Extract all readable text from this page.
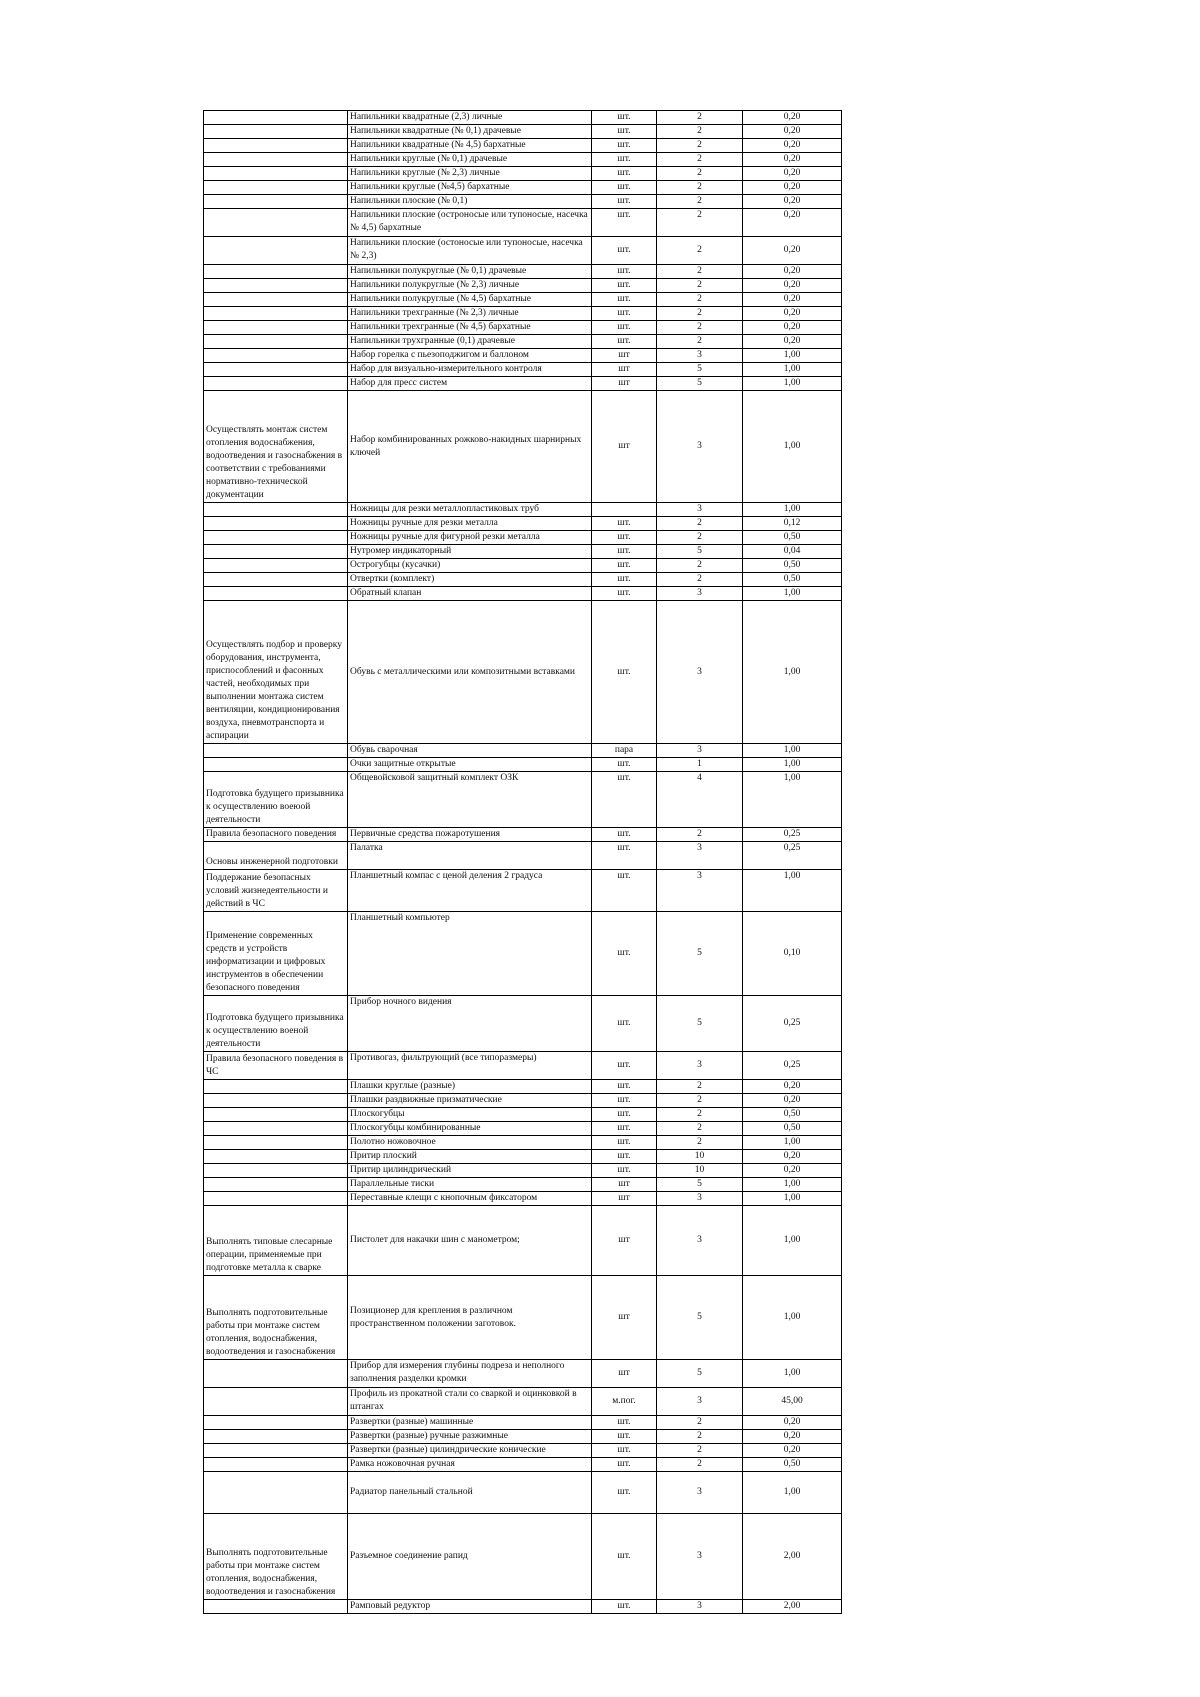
	Напильники квадратные (2,3) личные	шт.	2	0,20
	Напильники квадратные (№ 0,1) драчевые	шт.	2	0,20
	Напильники квадратные (№ 4,5) бархатные	шт.	2	0,20
	Напильники круглые (№ 0,1) драчевые	шт.	2	0,20
	Напильники круглые (№ 2,3) личные	шт.	2	0,20
	Напильники круглые (№4,5) бархатные	шт.	2	0,20
	Напильники плоские (№ 0,1)	шт.	2	0,20
	Напильники плоские (остроносые или тупоносые, насечка № 4,5) бархатные	шт.	2	0,20
	Напильники плоские (остоносые или тупоносые, насечка № 2,3)	шт.	2	0,20
	Напильники полукруглые (№ 0,1) драчевые	шт.	2	0,20
	Напильники полукруглые (№ 2,3) личные	шт.	2	0,20
	Напильники полукруглые (№ 4,5) бархатные	шт.	2	0,20
	Напильники трехгранные (№ 2,3) личные	шт.	2	0,20
	Напильники трехгранные (№ 4,5) бархатные	шт.	2	0,20
	Напильники трухгранные (0,1) драчевые	шт.	2	0,20
	Набор горелка с пьезоподжигом и баллоном	шт	3	1,00
	Набор для визуально-измерительного контроля	шт	5	1,00
	Набор для пресс систем	шт	5	1,00
Осуществлять монтаж систем отопления водоснабжения, водоотведения и газоснабжения в соответствии с требованиями нормативно-технической документации	Набор комбинированных рожково-накидных шарнирных ключей	шт	3	1,00
	Ножницы для резки металлопластиковых труб		3	1,00
	Ножницы ручные для резки металла	шт.	2	0,12
	Ножницы ручные для фигурной резки металла	шт.	2	0,50
	Нутромер индикаторный	шт.	5	0,04
	Острогубцы (кусачки)	шт.	2	0,50
	Отвертки (комплект)	шт.	2	0,50
	Обратный клапан	шт.	3	1,00
Осуществлять подбор и проверку оборудования, инструмента, приспособлений и фасонных частей, необходимых при выполнении монтажа систем вентиляции, кондиционирования воздуха, пневмотранспорта и аспирации	Обувь с металлическими или композитными вставками	шт.	3	1,00
	Обувь сварочная	пара	3	1,00
	Очки защитные открытые	шт.	1	1,00
Подготовка будущего призывника к осуществлению воеюой деятельности	Общевойсковой защитный комплект ОЗК	шт.	4	1,00
Правила безопасного поведения	Первичные средства пожаротушения	шт.	2	0,25
Основы инженерной подготовки	Палатка	шт.	3	0,25
Поддержание безопасных условий жизнедеятельности и действий в ЧС	Планшетный компас с ценой деления 2 градуса	шт.	3	1,00
Применение современных средств и устройств информатизации и цифровых инструментов в обеспечении безопасного поведения	Планшетный компьютер	шт.	5	0,10
Подготовка будущего призывника к осуществлению военой деятельности	Прибор ночного видения	шт.	5	0,25
Правила безопасного поведения в ЧС	Противогаз, фильтрующий (все типоразмеры)	шт.	3	0,25
	Плашки круглые (разные)	шт.	2	0,20
	Плашки раздвижные призматические	шт.	2	0,20
	Плоскогубцы	шт.	2	0,50
	Плоскогубцы комбинированные	шт.	2	0,50
	Полотно ножовочное	шт.	2	1,00
	Притир плоский	шт.	10	0,20
	Притир цилиндрический	шт.	10	0,20
	Параллельные тиски	шт	5	1,00
	Переставные клещи с кнопочным фиксатором	шт	3	1,00
Выполнять типовые слесарные операции, применяемые при подготовке металла к сварке	Пистолет для накачки шин с манометром;	шт	3	1,00
Выполнять подготовительные работы при монтаже систем отопления, водоснабжения, водоотведения и газоснабжения	Позиционер для крепления в различном пространственном положении заготовок.	шт	5	1,00
	Прибор для измерения глубины подреза и неполного заполнения разделки кромки	шт	5	1,00
	Профиль из прокатной стали со сваркой и оцинковкой в штангах	м.пог.	3	45,00
	Развертки (разные) машинные	шт.	2	0,20
	Развертки (разные) ручные разжимные	шт.	2	0,20
	Развертки (разные) цилиндрические конические	шт.	2	0,20
	Рамка ножовочная ручная	шт.	2	0,50
	Радиатор панельный стальной	шт.	3	1,00
Выполнять подготовительные работы при монтаже систем отопления, водоснабжения, водоотведения и газоснабжения	Разъемное соединение рапид	шт.	3	2,00
	Рамповый редуктор	шт.	3	2,00
